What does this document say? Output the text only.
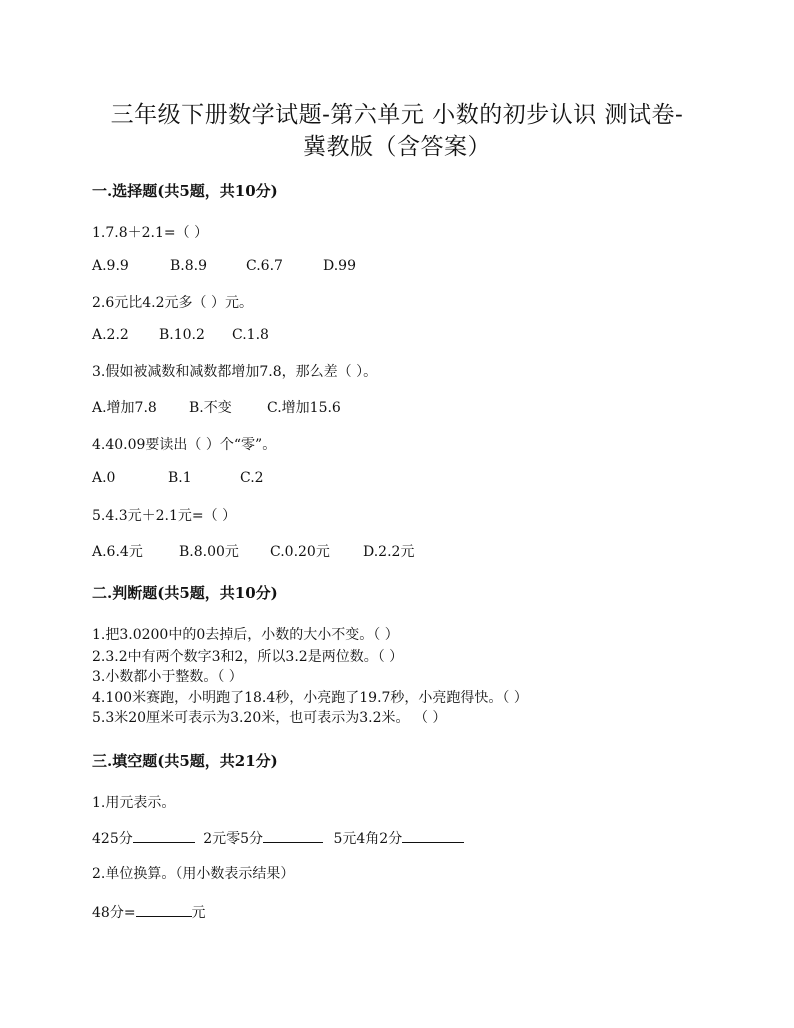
三年级下册数学试题-第六单元 小数的初步认识 测试卷-
冀教版（含答案）
一.选择题(共5题，共10分)
1.7.8＋2.1=（ ）
A.9.9	B.8.9	C.6.7	D.99
2.6元比4.2元多（ ）元。
A.2.2 B.10.2 C.1.8
3.假如被减数和减数都增加7.8，那么差（ ）。
A.增加7.8 B.不变	C.增加15.6
4.40.09要读出（ ）个“零”。
A.0	B.1	C.2
5.4.3元＋2.1元=（ ）
A.6.4元	B.8.00元 C.0.20元 D.2.2元
二.判断题(共5题，共10分)
1.把3.0200中的0去掉后，小数的大小不变。（ ）
2.3.2中有两个数字3和2，所以3.2是两位数。（ ）
3.小数都小于整数。（ ）
4.100米赛跑，小明跑了18.4秒，小亮跑了19.7秒，小亮跑得快。（ ）
5.3米20厘米可表示为3.20米，也可表示为3.2米。 （ ）
三.填空题(共5题，共21分)
1.用元表示。
425分	2元零5分	5元4角2分
2.单位换算。（用小数表示结果）
48分=	元
